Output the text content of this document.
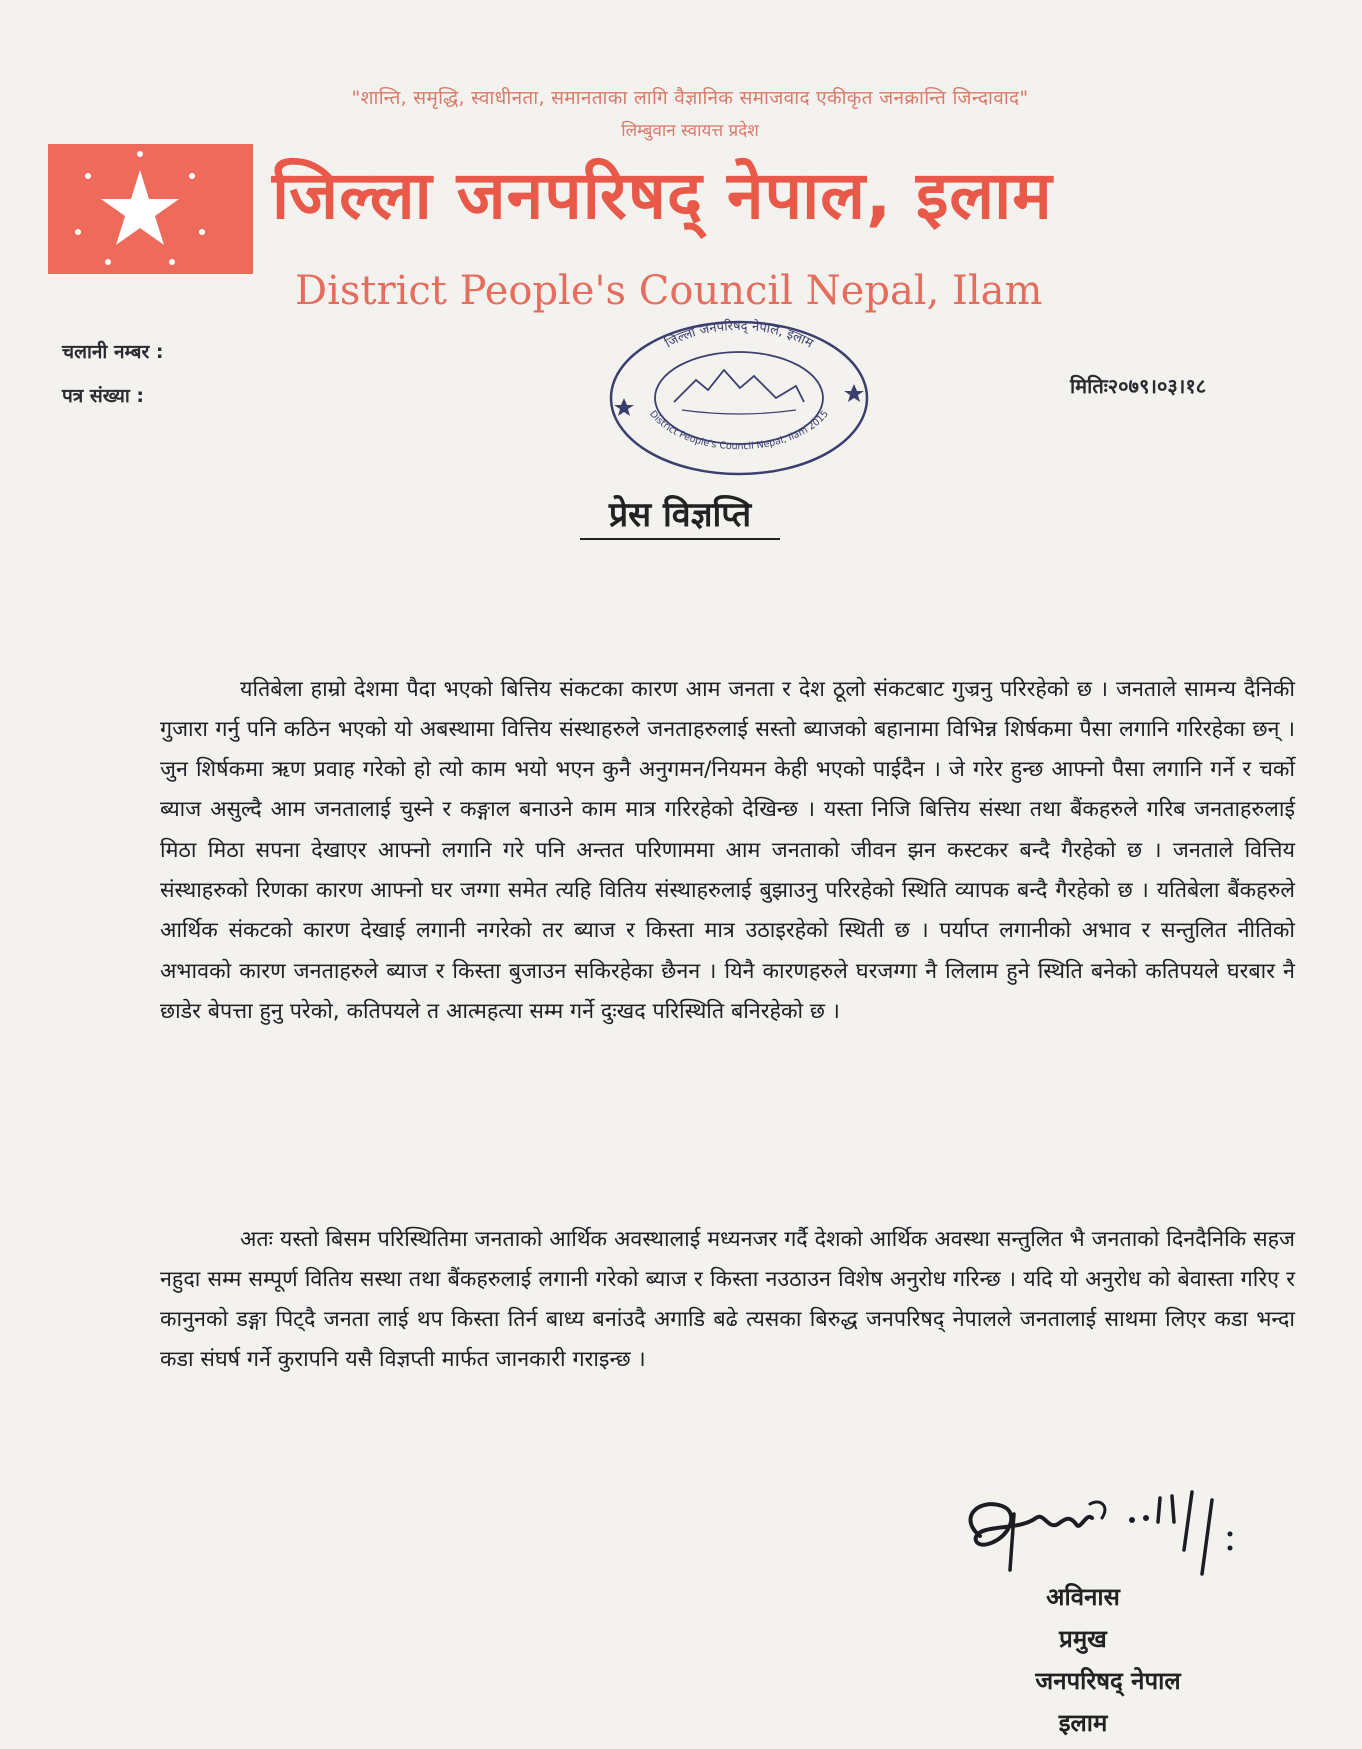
"शान्ति, समृद्धि, स्वाधीनता, समानताका लागि वैज्ञानिक समाजवाद एकीकृत जनक्रान्ति जिन्दावाद"
लिम्बुवान स्वायत्त प्रदेश
जिल्ला जनपरिषद् नेपाल, इलाम
District People's Council Nepal, Ilam
चलानी नम्बर :
पत्र संख्या :	मितिः२०७९।०३।१८
जिल्ला जनपरिषद् नेपाल, इलाम
District People's Council Nepal, Ilam 2015
प्रेस विज्ञप्ति

यतिबेला हाम्रो देशमा पैदा भएको बित्तिय संकटका कारण आम जनता र देश ठूलो संकटबाट गुज्रनु परिरहेको छ । जनताले सामन्य दैनिकी गुजारा गर्नु पनि कठिन भएको यो अबस्थामा वित्तिय संस्थाहरुले जनताहरुलाई सस्तो ब्याजको बहानामा विभिन्न शिर्षकमा पैसा लगानि गरिरहेका छन् । जुन शिर्षकमा ऋण प्रवाह गरेको हो त्यो काम भयो भएन कुनै अनुगमन/नियमन केही भएको पाईदैन । जे गरेर हुन्छ आफ्नो पैसा लगानि गर्ने र चर्को ब्याज असुल्दै आम जनतालाई चुस्ने र कङ्गाल बनाउने काम मात्र गरिरहेको देखिन्छ । यस्ता निजि बित्तिय संस्था तथा बैंकहरुले गरिब जनताहरुलाई मिठा मिठा सपना देखाएर आफ्नो लगानि गरे पनि अन्तत परिणाममा आम जनताको जीवन झन कस्टकर बन्दै गैरहेको छ । जनताले वित्तिय संस्थाहरुको रिणका कारण आफ्नो घर जग्गा समेत त्यहि वितिय संस्थाहरुलाई बुझाउनु परिरहेको स्थिति व्यापक बन्दै गैरहेको छ । यतिबेला बैंकहरुले आर्थिक संकटको कारण देखाई लगानी नगरेको तर ब्याज र किस्ता मात्र उठाइरहेको स्थिती छ । पर्याप्त लगानीको अभाव र सन्तुलित नीतिको अभावको कारण जनताहरुले ब्याज र किस्ता बुजाउन सकिरहेका छैनन । यिनै कारणहरुले घरजग्गा नै लिलाम हुने स्थिति बनेको कतिपयले घरबार नै छाडेर बेपत्ता हुनु परेको, कतिपयले त आत्महत्या सम्म गर्ने दुःखद परिस्थिति बनिरहेको छ ।

अतः यस्तो बिसम परिस्थितिमा जनताको आर्थिक अवस्थालाई मध्यनजर गर्दै देशको आर्थिक अवस्था सन्तुलित भै जनताको दिनदैनिकि सहज नहुदा सम्म सम्पूर्ण वितिय सस्था तथा बैंकहरुलाई लगानी गरेको ब्याज र किस्ता नउठाउन विशेष अनुरोध गरिन्छ । यदि यो अनुरोध को बेवास्ता गरिए र कानुनको डङ्गा पिट्दै जनता लाई थप किस्ता तिर्न बाध्य बनांउदै अगाडि बढे त्यसका बिरुद्ध जनपरिषद् नेपालले जनतालाई साथमा लिएर कडा भन्दा कडा संघर्ष गर्ने कुरापनि यसै विज्ञप्ती मार्फत जानकारी गराइन्छ ।

अविनास
प्रमुख
जनपरिषद् नेपाल
इलाम
